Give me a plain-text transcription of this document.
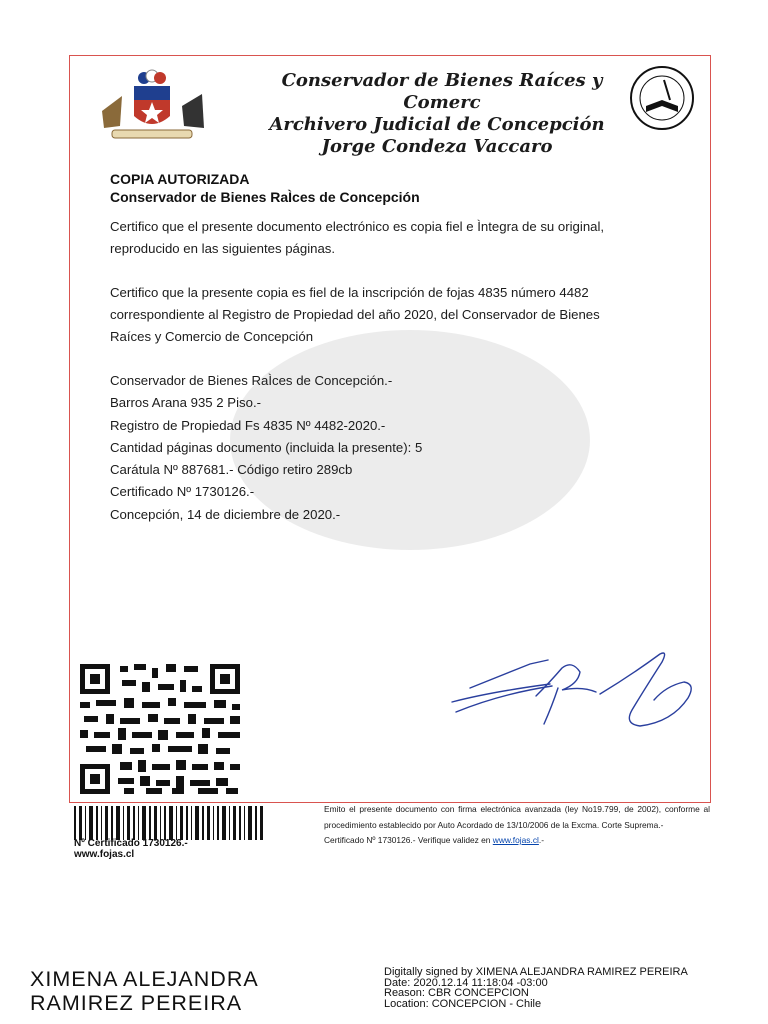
Conservador de Bienes Raíces y Comerc
Archivero Judicial de Concepción
Jorge Condeza Vaccaro
COPIA AUTORIZADA
Conservador de Bienes RaÌces de Concepción
Certifico que el presente documento electrónico es copia fiel e Ìntegra de su original, reproducido en las siguientes páginas.
Certifico que la presente copia es fiel de la inscripción de fojas 4835 número 4482 correspondiente al Registro de Propiedad del año 2020, del Conservador de Bienes Raíces y Comercio de Concepción
Conservador de Bienes RaÌces de Concepción.-
Barros Arana 935 2 Piso.-
Registro de Propiedad Fs 4835 Nº 4482-2020.-
Cantidad páginas documento (incluida la presente): 5
Carátula Nº 887681.- Código retiro 289cb
Certificado Nº 1730126.-
Concepción, 14 de diciembre de 2020.-
Nº Certificado 1730126.-
www.fojas.cl
Emito el presente documento con firma electrónica avanzada (ley No19.799, de 2002), conforme al procedimiento establecido por Auto Acordado de 13/10/2006 de la Excma. Corte Suprema.-
Certificado Nº 1730126.- Verifique validez en www.fojas.cl.-
XIMENA ALEJANDRA
RAMIREZ PEREIRA
Digitally signed by XIMENA ALEJANDRA RAMIREZ PEREIRA
Date: 2020.12.14 11:18:04 -03:00
Reason: CBR CONCEPCION
Location: CONCEPCION - Chile
